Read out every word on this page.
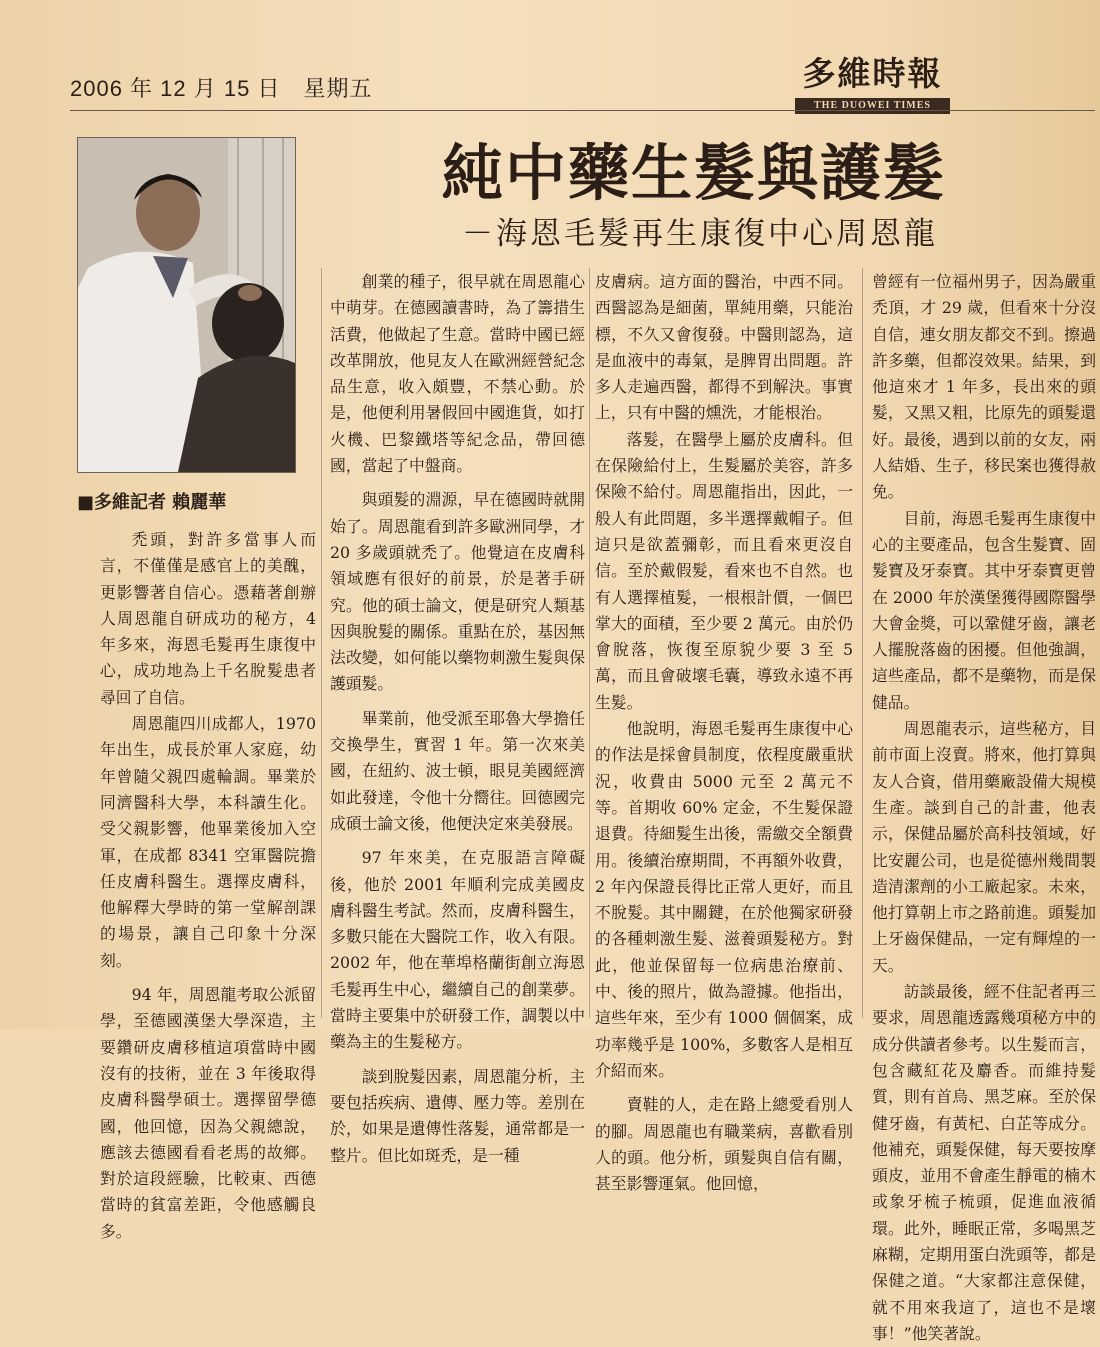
2006 年 12 月 15 日　星期五	多維時報
THE DUOWEI TIMES
■多維記者 賴麗華
純中藥生髮與護髮
－海恩毛髮再生康復中心周恩龍

禿頭，對許多當事人而言，不僅僅是感官上的美醜，更影響著自信心。憑藉著創辦人周恩龍自研成功的秘方，4 年多來，海恩毛髮再生康復中心，成功地為上千名脫髮患者尋回了自信。

周恩龍四川成都人，1970 年出生，成長於軍人家庭，幼年曾隨父親四處輪調。畢業於同濟醫科大學，本科讀生化。受父親影響，他畢業後加入空軍，在成都 8341 空軍醫院擔任皮膚科醫生。選擇皮膚科，他解釋大學時的第一堂解剖課的場景，讓自己印象十分深刻。

94 年，周恩龍考取公派留學，至德國漢堡大學深造，主要鑽研皮膚移植這項當時中國沒有的技術，並在 3 年後取得皮膚科醫學碩士。選擇留學德國，他回憶，因為父親總說，應該去德國看看老馬的故鄉。對於這段經驗，比較東、西德當時的貧富差距，令他感觸良多。

創業的種子，很早就在周恩龍心中萌芽。在德國讀書時，為了籌措生活費，他做起了生意。當時中國已經改革開放，他見友人在歐洲經營紀念品生意，收入頗豐，不禁心動。於是，他便利用暑假回中國進貨，如打火機、巴黎鐵塔等紀念品，帶回德國，當起了中盤商。

與頭髮的淵源，早在德國時就開始了。周恩龍看到許多歐洲同學，才 20 多歲頭就禿了。他覺這在皮膚科領域應有很好的前景，於是著手研究。他的碩士論文，便是研究人類基因與脫髮的關係。重點在於，基因無法改變，如何能以藥物刺激生髮與保護頭髮。

畢業前，他受派至耶魯大學擔任交換學生，實習 1 年。第一次來美國，在紐約、波士頓，眼見美國經濟如此發達，令他十分嚮往。回德國完成碩士論文後，他便決定來美發展。

97 年來美，在克服語言障礙後，他於 2001 年順利完成美國皮膚科醫生考試。然而，皮膚科醫生，多數只能在大醫院工作，收入有限。2002 年，他在華埠格蘭街創立海恩毛髮再生中心，繼續自己的創業夢。當時主要集中於研發工作，調製以中藥為主的生髮秘方。

談到脫髮因素，周恩龍分析，主要包括疾病、遺傳、壓力等。差別在於，如果是遺傳性落髮，通常都是一整片。但比如斑禿，是一種

皮膚病。這方面的醫治，中西不同。西醫認為是細菌，單純用藥，只能治標，不久又會復發。中醫則認為，這是血液中的毒氣，是脾胃出問題。許多人走遍西醫，都得不到解決。事實上，只有中醫的燻洗，才能根治。

落髮，在醫學上屬於皮膚科。但在保險給付上，生髮屬於美容，許多保險不給付。周恩龍指出，因此，一般人有此問題，多半選擇戴帽子。但這只是欲蓋彌彰，而且看來更沒自信。至於戴假髮，看來也不自然。也有人選擇植髮，一根根計價，一個巴掌大的面積，至少要 2 萬元。由於仍會脫落，恢復至原貌少要 3 至 5 萬，而且會破壞毛囊，導致永遠不再生髮。

他說明，海恩毛髮再生康復中心的作法是採會員制度，依程度嚴重狀況，收費由 5000 元至 2 萬元不等。首期收 60% 定金，不生髮保證退費。待細髮生出後，需繳交全額費用。後續治療期間，不再額外收費，2 年內保證長得比正常人更好，而且不脫髮。其中關鍵，在於他獨家研發的各種刺激生髮、滋養頭髮秘方。對此，他並保留每一位病患治療前、中、後的照片，做為證據。他指出，這些年來，至少有 1000 個個案，成功率幾乎是 100%，多數客人是相互介紹而來。

賣鞋的人，走在路上總愛看別人的腳。周恩龍也有職業病，喜歡看別人的頭。他分析，頭髮與自信有關，甚至影響運氣。他回憶，

曾經有一位福州男子，因為嚴重禿頂，才 29 歲，但看來十分沒自信，連女朋友都交不到。擦過許多藥，但都沒效果。結果，到他這來才 1 年多，長出來的頭髮，又黑又粗，比原先的頭髮還好。最後，遇到以前的女友，兩人結婚、生子，移民案也獲得赦免。

目前，海恩毛髮再生康復中心的主要產品，包含生髮寶、固髮寶及牙泰寶。其中牙泰寶更曾在 2000 年於漢堡獲得國際醫學大會金獎，可以鞏健牙齒，讓老人擺脫落齒的困擾。但他強調，這些產品，都不是藥物，而是保健品。

周恩龍表示，這些秘方，目前市面上沒賣。將來，他打算與友人合資，借用藥廠設備大規模生產。談到自己的計畫，他表示，保健品屬於高科技領域，好比安麗公司，也是從德州幾間製造清潔劑的小工廠起家。未來，他打算朝上市之路前進。頭髮加上牙齒保健品，一定有輝煌的一天。

訪談最後，經不住記者再三要求，周恩龍透露幾項秘方中的成分供讀者參考。以生髮而言，包含藏紅花及麝香。而維持髮質，則有首烏、黑芝麻。至於保健牙齒，有黃杞、白芷等成分。他補充，頭髮保健，每天要按摩頭皮，並用不會產生靜電的楠木或象牙梳子梳頭，促進血液循環。此外，睡眠正常，多喝黑芝麻糊，定期用蛋白洗頭等，都是保健之道。“大家都注意保健，就不用來我這了，這也不是壞事！”他笑著說。
